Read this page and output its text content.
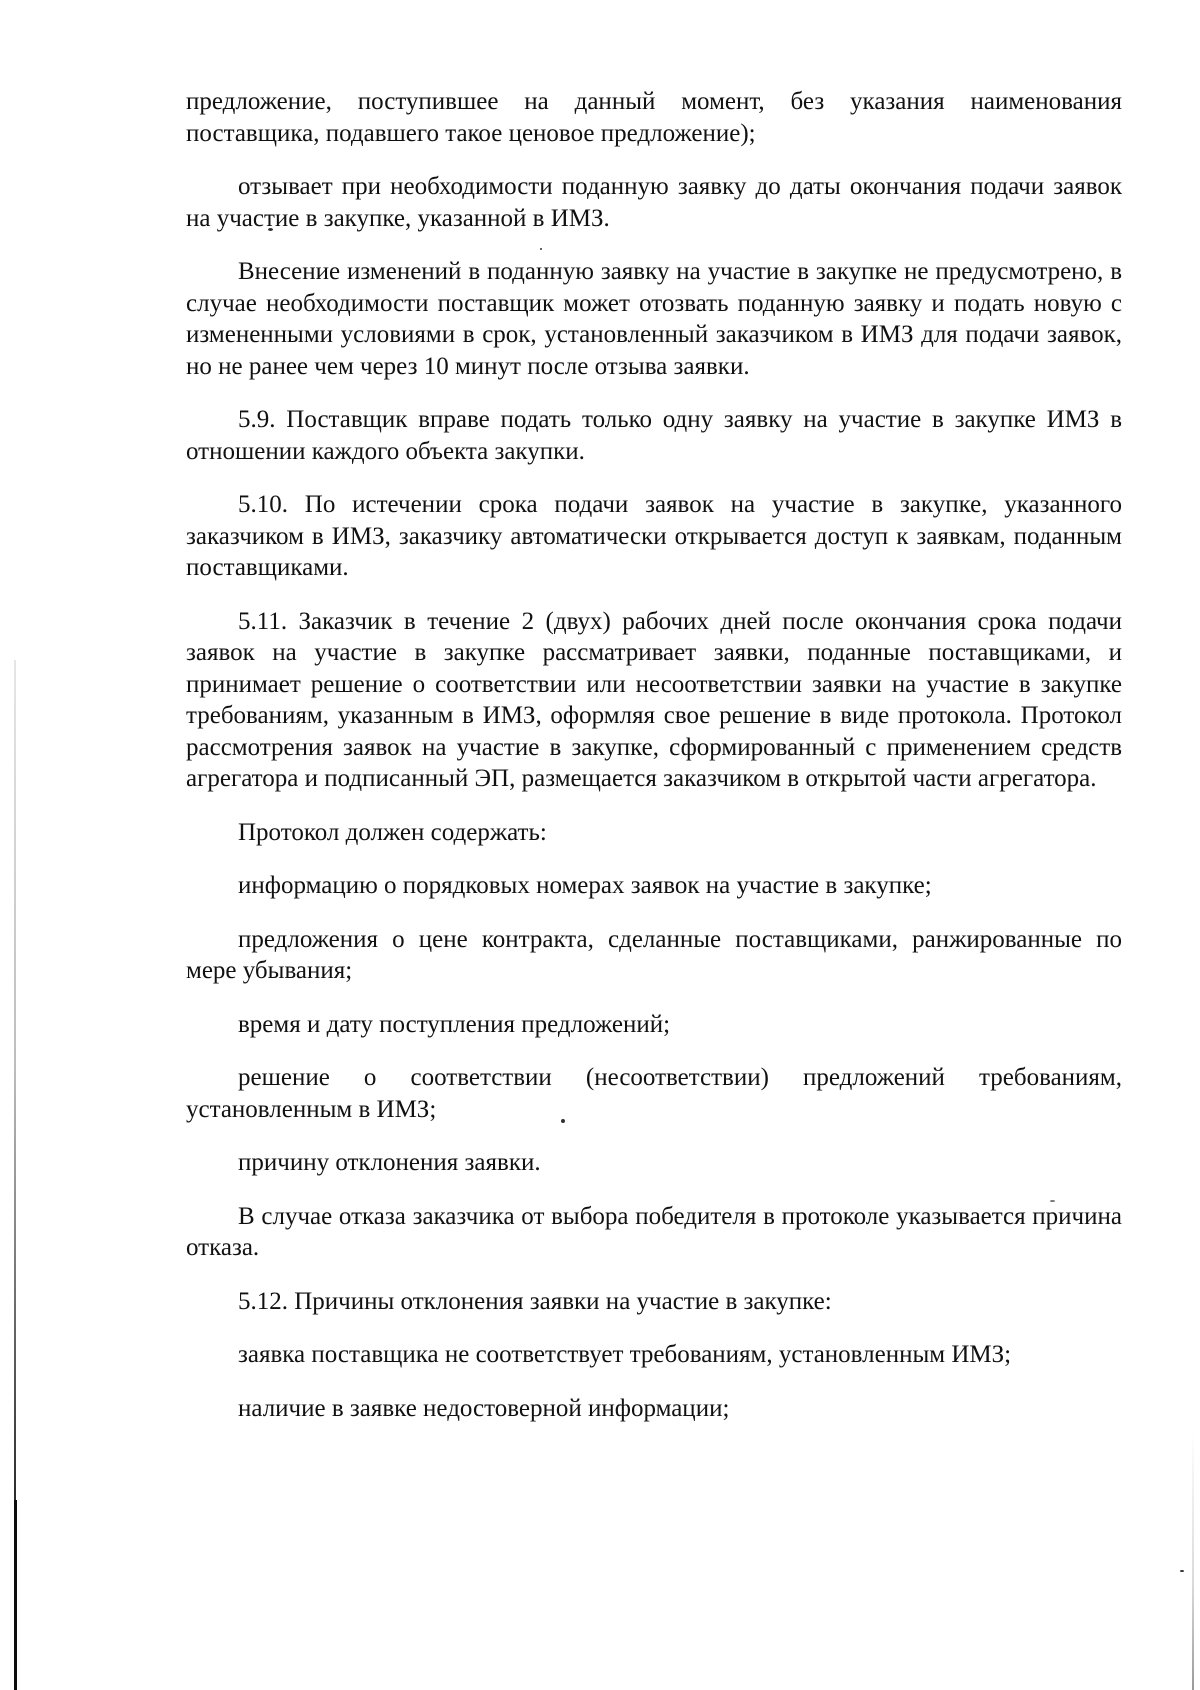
предложение, поступившее на данный момент, без указания наименования поставщика, подавшего такое ценовое предложение);

отзывает при необходимости поданную заявку до даты окончания подачи заявок на участие в закупке, указанной в ИМЗ.

Внесение изменений в поданную заявку на участие в закупке не предусмотрено, в случае необходимости поставщик может отозвать поданную заявку и подать новую с измененными условиями в срок, установленный заказчиком в ИМЗ для подачи заявок, но не ранее чем через 10 минут после отзыва заявки.

5.9. Поставщик вправе подать только одну заявку на участие в закупке ИМЗ в отношении каждого объекта закупки.

5.10. По истечении срока подачи заявок на участие в закупке, указанного заказчиком в ИМЗ, заказчику автоматически открывается доступ к заявкам, поданным поставщиками.

5.11. Заказчик в течение 2 (двух) рабочих дней после окончания срока подачи заявок на участие в закупке рассматривает заявки, поданные поставщиками, и принимает решение о соответствии или несоответствии заявки на участие в закупке требованиям, указанным в ИМЗ, оформляя свое решение в виде протокола. Протокол рассмотрения заявок на участие в закупке, сформированный с применением средств агрегатора и подписанный ЭП, размещается заказчиком в открытой части агрегатора.

Протокол должен содержать:

информацию о порядковых номерах заявок на участие в закупке;

предложения о цене контракта, сделанные поставщиками, ранжированные по мере убывания;

время и дату поступления предложений;

решение о соответствии (несоответствии) предложений требованиям, установленным в ИМЗ;

причину отклонения заявки.

В случае отказа заказчика от выбора победителя в протоколе указывается причина отказа.

5.12. Причины отклонения заявки на участие в закупке:

заявка поставщика не соответствует требованиям, установленным ИМЗ;

наличие в заявке недостоверной информации;
